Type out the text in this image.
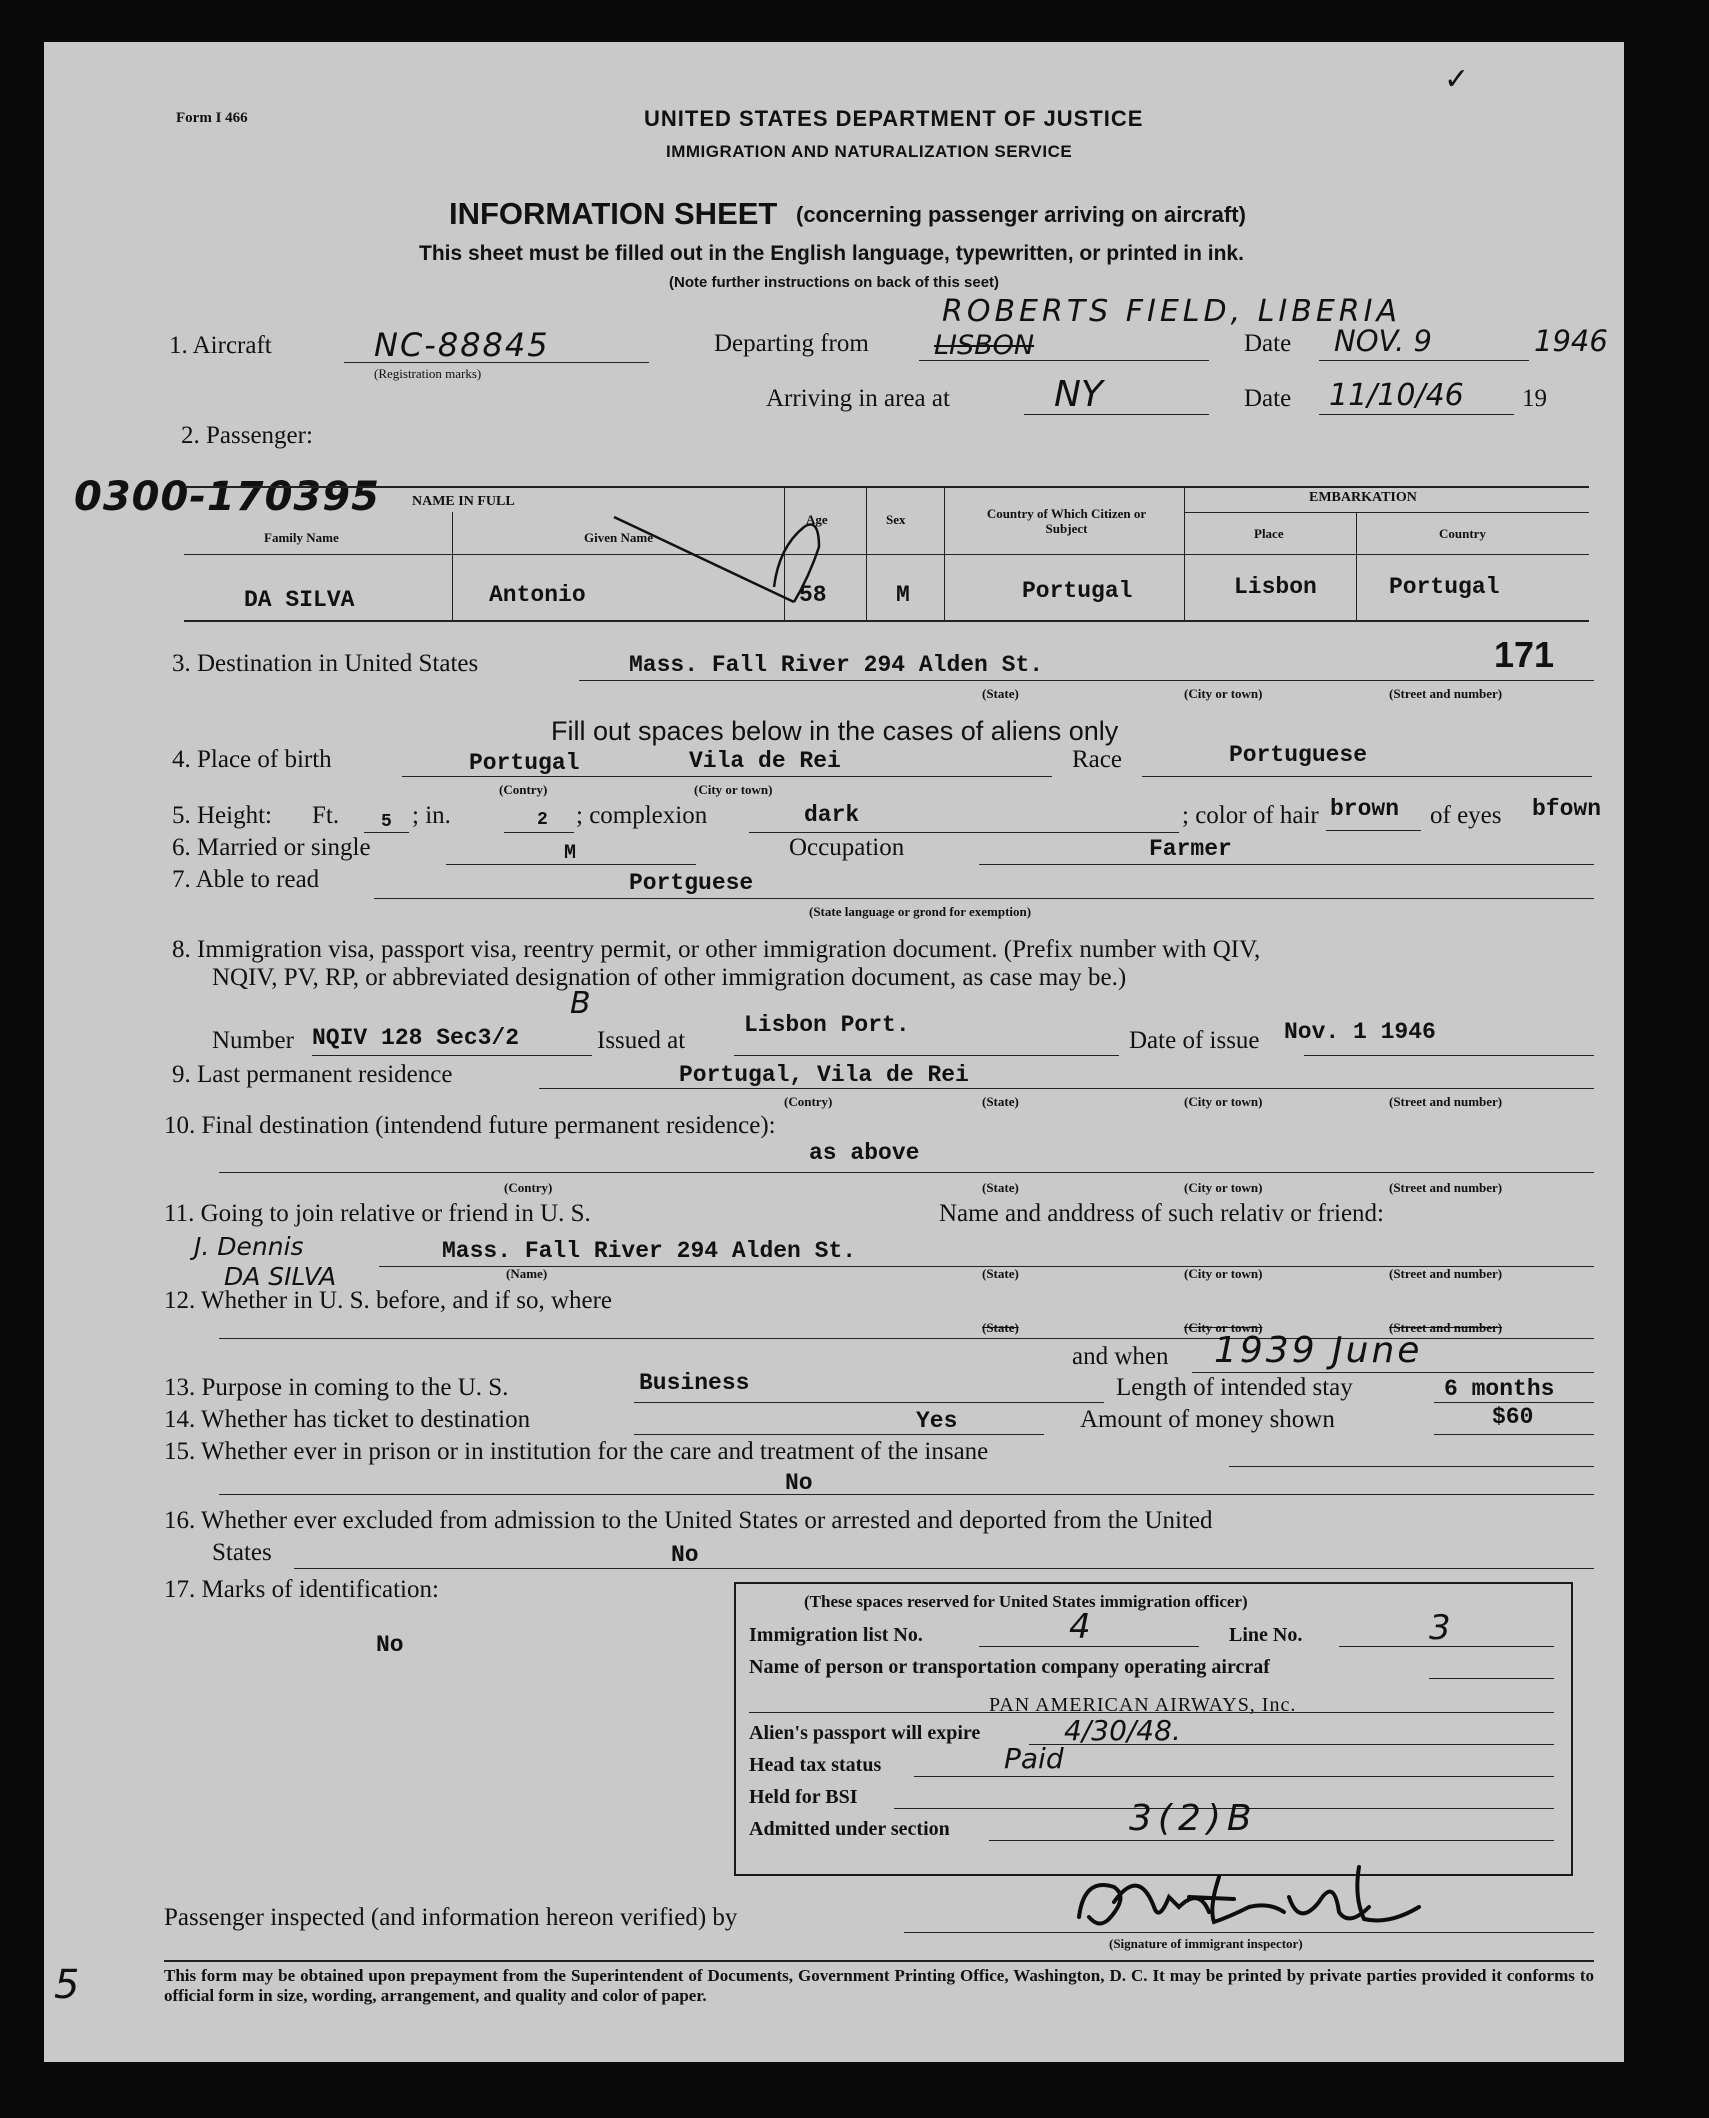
Form I 466	UNITED STATES DEPARTMENT OF JUSTICE
IMMIGRATION AND NATURALIZATION SERVICE
✓
INFORMATION SHEET (concerning passenger arriving on aircraft)
This sheet must be filled out in the English language, typewritten, or printed in ink.
(Note further instructions on back of this seet)
1. Aircraft	NC-88845
(Registration marks)
Departing from
ROBERTS FIELD, LIBERIA
LISBON	Date NOV. 9	1946
Arriving in area at	NY	Date 11/10/46 19
2. Passenger:
0300-170395 NAME IN FULL
Family Name	Given Name
Age	Sex	Country of Which Citizen or Subject
EMBARKATION
Place	Country
DA SILVA	Antonio	58	M	Portugal	Lisbon	Portugal
3. Destination in United States	Mass. Fall River 294 Alden St.	171
(State)	(City or town)	(Street and number)
Fill out spaces below in the cases of aliens only
4. Place of birth	Portugal	Vila de Rei
(Contry)	(City or town)
Race	Portuguese
5. Height: Ft. 5 ; in.	2 ; complexion	dark	; color of hair brown of eyes bfown
6. Married or single	M	Occupation	Farmer
7. Able to read	Portguese
(State language or grond for exemption)
8. Immigration visa, passport visa, reentry permit, or other immigration document. (Prefix number with QIV,
NQIV, PV, RP, or abbreviated designation of other immigration document, as case may be.)
Number NQIV 128 Sec3/2
B
Issued at
Lisbon Port.
Date of issue Nov. 1 1946
9. Last permanent residence	Portugal, Vila de Rei
(Contry)	(State)	(City or town)	(Street and number)
10. Final destination (intendend future permanent residence):
as above
(Contry)	(State)	(City or town)	(Street and number)
11. Going to join relative or friend in U. S.	Name and anddress of such relativ or friend:
J. Dennis
DA SILVA
Mass. Fall River 294 Alden St.
(Name)	(State)	(City or town)	(Street and number)
12. Whether in U. S. before, and if so, where
(State)	(City or town)	(Street and number)
and when 1939 June
13. Purpose in coming to the U. S.	Business	Length of intended stay	6 months
14. Whether has ticket to destination	Yes	Amount of money shown	$60
15. Whether ever in prison or in institution for the care and treatment of the insane
No
16. Whether ever excluded from admission to the United States or arrested and deported from the United
States	No
17. Marks of identification:
No
(These spaces reserved for United States immigration officer)
Immigration list No.	4	Line No.	3
Name of person or transportation company operating aircraf
PAN AMERICAN AIRWAYS, Inc.
Alien's passport will expire	4/30/48.
Head tax status	Paid
Held for BSI
Admitted under section	3(2)B
Passenger inspected (and information hereon verified) by
(Signature of immigrant inspector)
This form may be obtained upon prepayment from the Superintendent of Documents, Government Printing Office, Washington, D. C. It may be printed by private parties provided it conforms to official form in size, wording, arrangement, and quality and color of paper.
5
